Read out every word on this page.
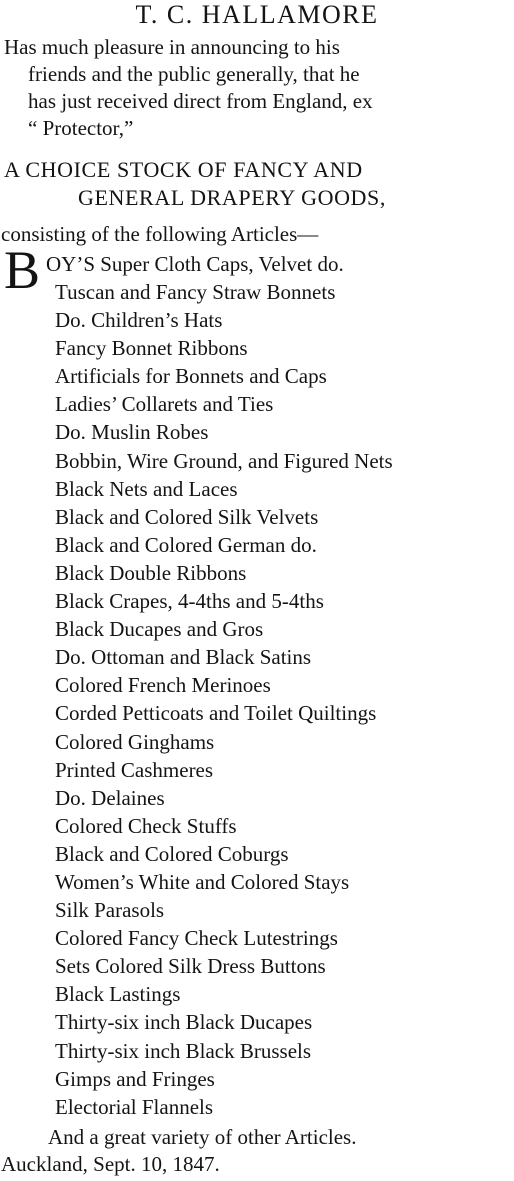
T. C. HALLAMORE
Has much pleasure in announcing to his
friends and the public generally, that he
has just received direct from England, ex
“ Protector,”
A CHOICE STOCK OF FANCY AND
GENERAL DRAPERY GOODS,
consisting of the following Articles—
B OY’S Super Cloth Caps, Velvet do.
Tuscan and Fancy Straw Bonnets
Do. Children’s Hats
Fancy Bonnet Ribbons
Artificials for Bonnets and Caps
Ladies’ Collarets and Ties
Do. Muslin Robes
Bobbin, Wire Ground, and Figured Nets
Black Nets and Laces
Black and Colored Silk Velvets
Black and Colored German do.
Black Double Ribbons
Black Crapes, 4-4ths and 5-4ths
Black Ducapes and Gros
Do. Ottoman and Black Satins
Colored French Merinoes
Corded Petticoats and Toilet Quiltings
Colored Ginghams
Printed Cashmeres
Do. Delaines
Colored Check Stuffs
Black and Colored Coburgs
Women’s White and Colored Stays
Silk Parasols
Colored Fancy Check Lutestrings
Sets Colored Silk Dress Buttons
Black Lastings
Thirty-six inch Black Ducapes
Thirty-six inch Black Brussels
Gimps and Fringes
Electorial Flannels
And a great variety of other Articles.
Auckland, Sept. 10, 1847.
